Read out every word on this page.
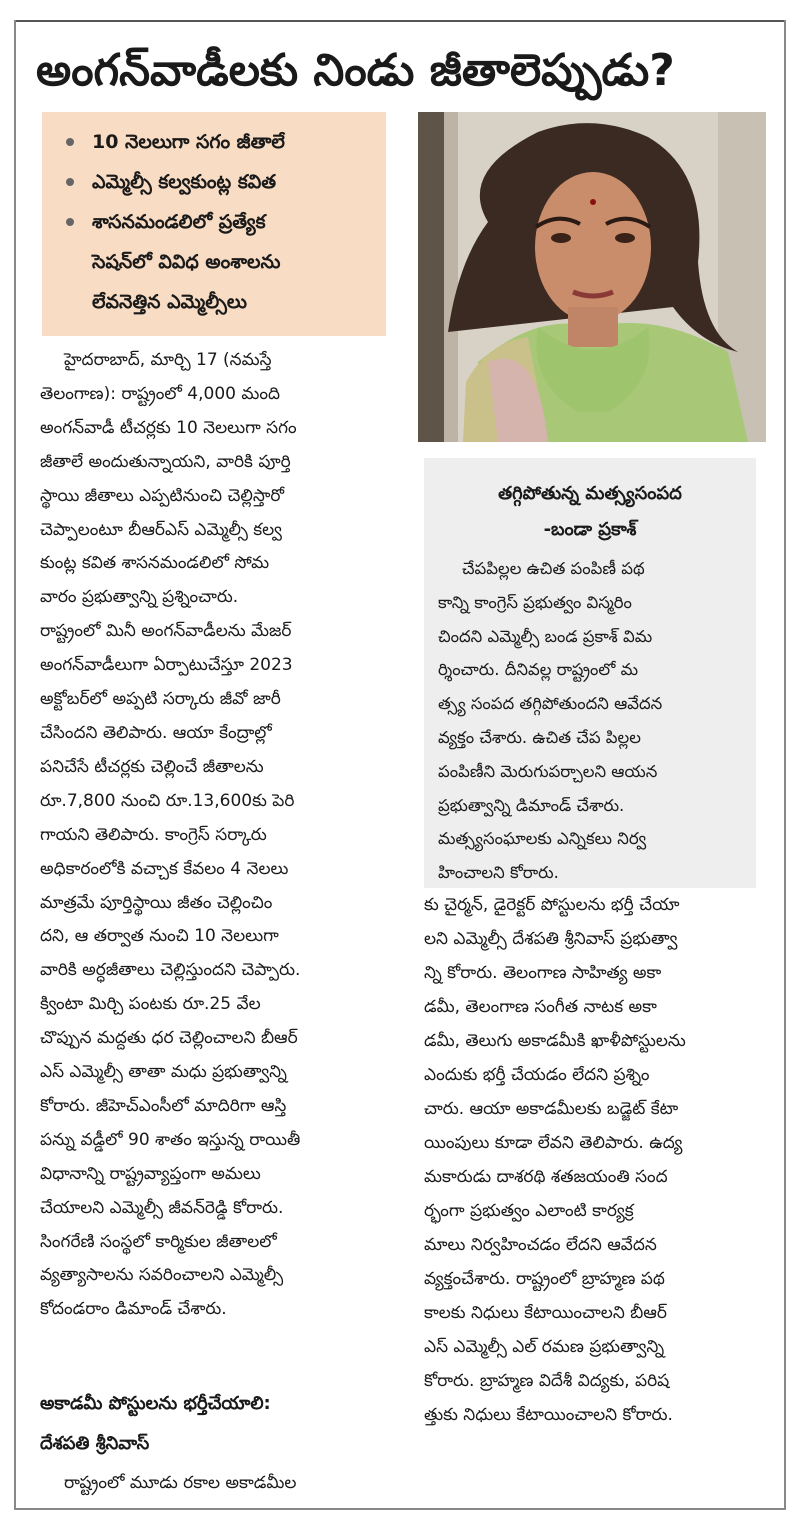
అంగన్‌వాడీలకు నిండు జీతాలెప్పుడు?
10 నెలలుగా సగం జీతాలే
ఎమ్మెల్సీ కల్వకుంట్ల కవిత
శాసనమండలిలో ప్రత్యేక
సెషన్‌లో వివిధ అంశాలను
లేవనెత్తిన ఎమ్మెల్సీలు

హైదరాబాద్‌, మార్చి 17 (నమస్తే

తెలంగాణ): రాష్ట్రంలో 4,000 మంది

అంగన్‌వాడీ టీచర్లకు 10 నెలలుగా సగం

జీతాలే అందుతున్నాయని, వారికి పూర్తి

స్థాయి జీతాలు ఎప్పటినుంచి చెల్లిస్తారో

చెప్పాలంటూ బీఆర్‌ఎస్‌ ఎమ్మెల్సీ కల్వ

కుంట్ల కవిత శాసనమండలిలో సోమ

వారం ప్రభుత్వాన్ని ప్రశ్నించారు.

రాష్ట్రంలో మినీ అంగన్‌వాడీలను మేజర్‌

అంగన్‌వాడీలుగా ఏర్పాటుచేస్తూ 2023

అక్టోబర్‌లో అప్పటి సర్కారు జీవో జారీ

చేసిందని తెలిపారు. ఆయా కేంద్రాల్లో

పనిచేసే టీచర్లకు చెల్లించే జీతాలను

రూ.7,800 నుంచి రూ.13,600కు పెరి

గాయని తెలిపారు. కాంగ్రెస్‌ సర్కారు

అధికారంలోకి వచ్చాక కేవలం 4 నెలలు

మాత్రమే పూర్తిస్థాయి జీతం చెల్లించిం

దని, ఆ తర్వాత నుంచి 10 నెలలుగా

వారికి అర్ధజీతాలు చెల్లిస్తుందని చెప్పారు.

క్వింటా మిర్చి పంటకు రూ.25 వేల

చొప్పున మద్దతు ధర చెల్లించాలని బీఆర్‌

ఎస్‌ ఎమ్మెల్సీ తాతా మధు ప్రభుత్వాన్ని

కోరారు. జీహెచ్‌ఎంసీలో మాదిరిగా ఆస్తి

పన్ను వడ్డీలో 90 శాతం ఇస్తున్న రాయితీ

విధానాన్ని రాష్ట్రవ్యాప్తంగా అమలు

చేయాలని ఎమ్మెల్సీ జీవన్‌రెడ్డి కోరారు.

సింగరేణి సంస్థలో కార్మికుల జీతాలలో

వ్యత్యాసాలను సవరించాలని ఎమ్మెల్సీ

కోదండరాం డిమాండ్‌ చేశారు.

అకాడమీ పోస్టులను భర్తీచేయాలి:
దేశపతి శ్రీనివాస్‌
రాష్ట్రంలో మూడు రకాల అకాడమీల
తగ్గిపోతున్న మత్స్యసంపద
-బండా ప్రకాశ్‌
చేపపిల్లల ఉచిత పంపిణీ పథ
కాన్ని కాంగ్రెస్‌ ప్రభుత్వం విస్మరిం
చిందని ఎమ్మెల్సీ బండ ప్రకాశ్‌ విమ
ర్శించారు. దీనివల్ల రాష్ట్రంలో మ
త్స్య సంపద తగ్గిపోతుందని ఆవేదన
వ్యక్తం చేశారు. ఉచిత చేప పిల్లల
పంపిణీని మెరుగుపర్చాలని ఆయన
ప్రభుత్వాన్ని డిమాండ్‌ చేశారు.
మత్స్యసంఘాలకు ఎన్నికలు నిర్వ
హించాలని కోరారు.
కు చైర్మన్‌, డైరెక్టర్‌ పోస్టులను భర్తీ చేయా
లని ఎమ్మెల్సీ దేశపతి శ్రీనివాస్‌ ప్రభుత్వా
న్ని కోరారు. తెలంగాణ సాహిత్య అకా
డమీ, తెలంగాణ సంగీత నాటక అకా
డమీ, తెలుగు అకాడమీకి ఖాళీపోస్టులను
ఎందుకు భర్తీ చేయడం లేదని ప్రశ్నిం
చారు. ఆయా అకాడమీలకు బడ్జెట్‌ కేటా
యింపులు కూడా లేవని తెలిపారు. ఉద్య
మకారుడు దాశరథి శతజయంతి సంద
ర్భంగా ప్రభుత్వం ఎలాంటి కార్యక్ర
మాలు నిర్వహించడం లేదని ఆవేదన
వ్యక్తంచేశారు. రాష్ట్రంలో బ్రాహ్మణ పథ
కాలకు నిధులు కేటాయించాలని బీఆర్‌
ఎస్‌ ఎమ్మెల్సీ ఎల్‌ రమణ ప్రభుత్వాన్ని
కోరారు. బ్రాహ్మణ విదేశీ విద్యకు, పరిష
త్తుకు నిధులు కేటాయించాలని కోరారు.
